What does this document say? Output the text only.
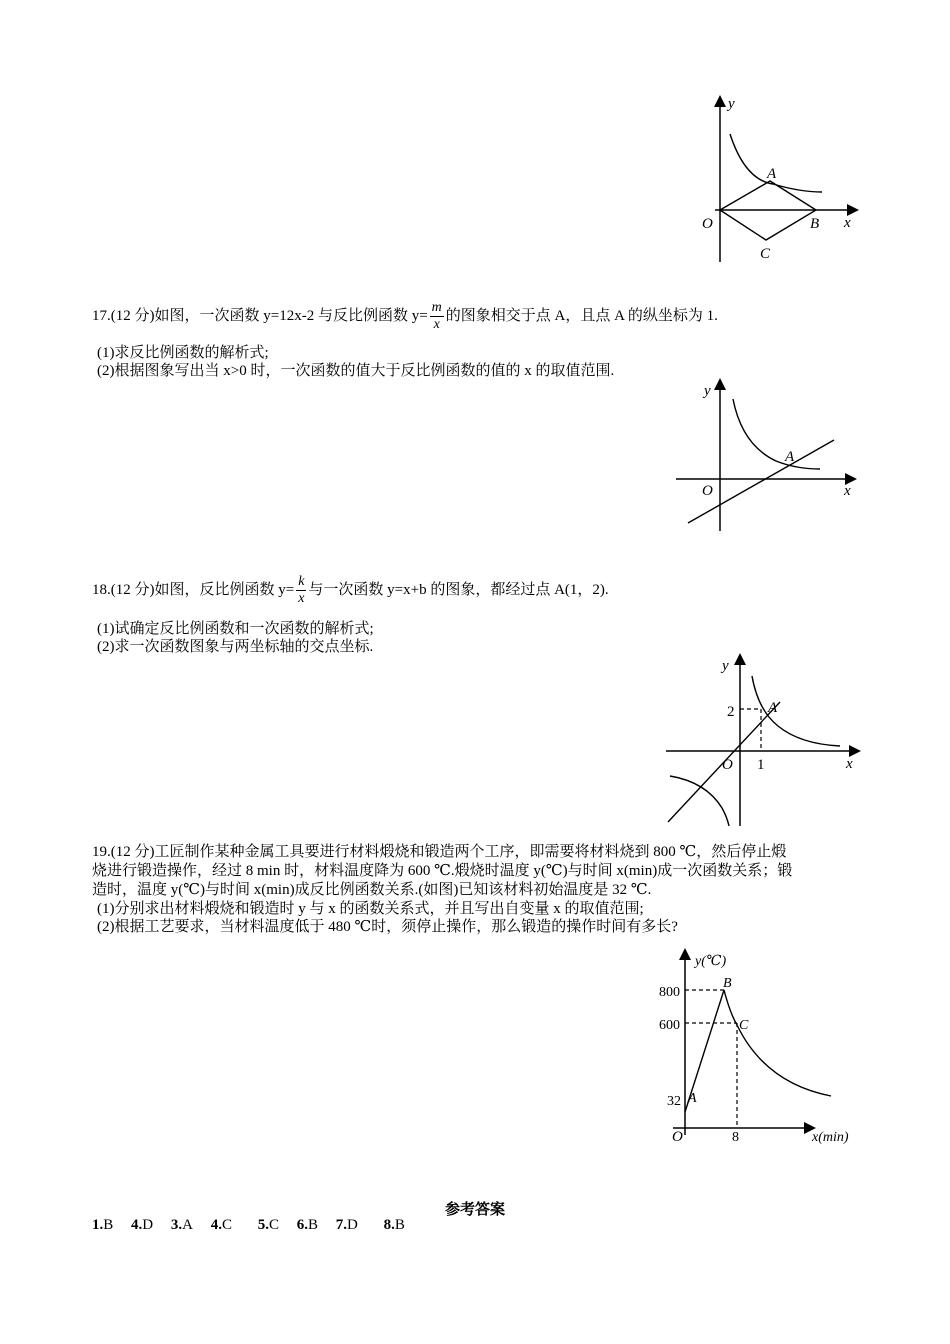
y
x
O
A
B
C
17.(12 分)如图，一次函数 y=12x-2 与反比例函数 $y= \frac{m}{x}$ 的图象相交于点 A，且点 A 的纵坐标为 1.
(1)求反比例函数的解析式;
(2)根据图象写出当 x>0 时，一次函数的值大于反比例函数的值的 x 的取值范围.
y
x
O
A
18.(12 分)如图，反比例函数 $y= \frac{k}{x}$ 与一次函数 y=x+b 的图象，都经过点 A(1，2).
(1)试确定反比例函数和一次函数的解析式;
(2)求一次函数图象与两坐标轴的交点坐标.
y
x
O
A
2
1
19.(12 分)工匠制作某种金属工具要进行材料煅烧和锻造两个工序，即需要将材料烧到 800 ℃，然后停止煅
烧进行锻造操作，经过 8 min 时，材料温度降为 600 ℃.煅烧时温度 y(℃)与时间 x(min)成一次函数关系；锻
造时，温度 y(℃)与时间 x(min)成反比例函数关系.(如图)已知该材料初始温度是 32 ℃.
(1)分别求出材料煅烧和锻造时 y 与 x 的函数关系式，并且写出自变量 x 的取值范围;
(2)根据工艺要求，当材料温度低于 480 ℃时，须停止操作，那么锻造的操作时间有多长?
y(℃)
x(min)
O
A
B
C
800
600
32
8
参考答案
1.B 4.D 3.A 4.C 5.C 6.B 7.D 8.B
